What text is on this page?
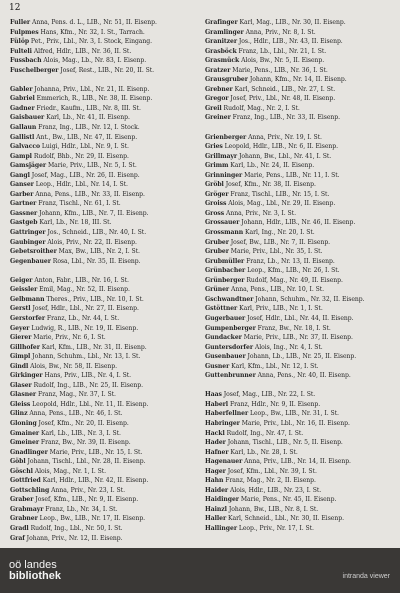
12
Fuller Anna, Pens. d. L., LIB., Nr. 51, II. Eisenp.
Fulpmes Hans, Kfm., Nr. 32, I. St., Tarrach.
Fülöp Pet., Priv., Lbl., Nr. 3, I. Stock, Eingang.
Fulteli Alfred, Hdlr., LIB., Nr. 36, II. St.
Fussbach Alois, Mag., Lb., Nr. 83, I. Eisenp.
Fuschelberger Josef, Rest., LIB., Nr. 20, II. St.

Gabler Johanna, Priv., Lbl., Nr. 21, II. Eisenp.
Gabriel Emmerich, R., LIB., Nr. 38, II. Eisenp.
Gadner Friedr., Kaufm., LIB., Nr. 8, III. St.
Gaisbauer Karl, Lb., Nr. 41, II. Eisenp.
Gallaun Franz, Ing., LIB., Nr. 12, I. Stock.
Gallistl Ant., Bw., LIB., Nr. 47, II. Eisenp.
Galvacco Luigi, Hdlr., Lbl., Nr. 9, I. St.
Gampl Rudolf, Bhb., Nr. 29, II. Eisenp.
Gamsjäger Marie, Priv., LIB., Nr. 5, I. St.
Gangl Josef, Mag., LIB., Nr. 26, II. Eisenp.
Ganser Leop., Hdlr., Lbl., Nr. 14, I. St.
Garber Anna, Pens., LIB., Nr. 33, II. Eisenp.
Gartner Franz, Tischl., Nr. 61, I. St.
Gassner Johann, Kfm., LIB., Nr. 7, II. Eisenp.
Gastgeb Karl, Lb., Nr. 18, III. St.
Gattringer Jos., Schneid., LIB., Nr. 40, I. St.
Gaubinger Alois, Priv., Nr. 22, II. Eisenp.
Gebetsroither Max, Bw., LIB., Nr. 2, I. St.
Gegenbauer Rosa, Lbl., Nr. 35, II. Eisenp.

Geiger Anton, Fabr., LIB., Nr. 16, I. St.
Geissler Emil, Mag., Nr. 52, II. Eisenp.
Gelbmann Theres., Priv., LIB., Nr. 10, I. St.
Gerstl Josef, Hdlr., Lbl., Nr. 27, II. Eisenp.
Gerstorfer Franz, Lb., Nr. 44, I. St.
Geyer Ludwig, R., LIB., Nr. 19, II. Eisenp.
Gierer Marie, Priv., Nr. 6, I. St.
Gillhofer Karl, Kfm., LIB., Nr. 31, II. Eisenp.
Gimpl Johann, Schuhm., Lbl., Nr. 13, I. St.
Gindl Alois, Bw., Nr. 58, II. Eisenp.
Girkinger Hans, Priv., LIB., Nr. 4, I. St.
Glaser Rudolf, Ing., LIB., Nr. 25, II. Eisenp.
Glasner Franz, Mag., Nr. 37, I. St.
Gleiss Leopold, Hdlr., Lbl., Nr. 11, II. Eisenp.
Glinz Anna, Pens., LIB., Nr. 46, I. St.
Gloning Josef, Kfm., Nr. 20, II. Eisenp.
Gmainer Karl, Lb., LIB., Nr. 3, I. St.
Gmeiner Franz, Bw., Nr. 39, II. Eisenp.
Gnadlinger Marie, Priv., LIB., Nr. 15, I. St.
Göbl Johann, Tischl., Lbl., Nr. 28, II. Eisenp.
Göschl Alois, Mag., Nr. 1, I. St.
Gottfried Karl, Hdlr., LIB., Nr. 42, II. Eisenp.
Gottschling Anna, Priv., Nr. 23, I. St.
Graber Josef, Kfm., LIB., Nr. 9, II. Eisenp.
Grabmayr Franz, Lb., Nr. 34, I. St.
Grabner Leop., Bw., LIB., Nr. 17, II. Eisenp.
Gradl Rudolf, Ing., Lbl., Nr. 50, I. St.
Graf Johann, Priv., Nr. 12, II. Eisenp.
Grafinger Karl, Mag., LIB., Nr. 30, II. Eisenp.
Gramlinger Anna, Priv., Nr. 8, I. St.
Granitzer Jos., Hdlr., LIB., Nr. 43, II. Eisenp.
Grasböck Franz, Lb., Lbl., Nr. 21, I. St.
Grasmück Alois, Bw., Nr. 5, II. Eisenp.
Gratzer Marie, Pens., LIB., Nr. 36, I. St.
Grausgruber Johann, Kfm., Nr. 14, II. Eisenp.
Grebner Karl, Schneid., LIB., Nr. 27, I. St.
Gregor Josef, Priv., Lbl., Nr. 48, II. Eisenp.
Greil Rudolf, Mag., Nr. 2, I. St.
Greiner Franz, Ing., LIB., Nr. 33, II. Eisenp.

Grienberger Anna, Priv., Nr. 19, I. St.
Gries Leopold, Hdlr., LIB., Nr. 6, II. Eisenp.
Grillmayr Johann, Bw., Lbl., Nr. 41, I. St.
Grimm Karl, Lb., Nr. 24, II. Eisenp.
Grinninger Marie, Pens., LIB., Nr. 11, I. St.
Gröbl Josef, Kfm., Nr. 38, II. Eisenp.
Gröger Franz, Tischl., LIB., Nr. 15, I. St.
Groiss Alois, Mag., Lbl., Nr. 29, II. Eisenp.
Gross Anna, Priv., Nr. 3, I. St.
Grossauer Johann, Hdlr., LIB., Nr. 46, II. Eisenp.
Grossmann Karl, Ing., Nr. 20, I. St.
Gruber Josef, Bw., LIB., Nr. 7, II. Eisenp.
Gruber Marie, Priv., Lbl., Nr. 35, I. St.
Grubmüller Franz, Lb., Nr. 13, II. Eisenp.
Grünbacher Leop., Kfm., LIB., Nr. 26, I. St.
Grünberger Rudolf, Mag., Nr. 49, II. Eisenp.
Grüner Anna, Pens., LIB., Nr. 10, I. St.
Gschwandtner Johann, Schuhm., Nr. 32, II. Eisenp.
Gstöttner Karl, Priv., LIB., Nr. 1, I. St.
Gugerbauer Josef, Hdlr., Lbl., Nr. 44, II. Eisenp.
Gumpenberger Franz, Bw., Nr. 18, I. St.
Gundacker Marie, Priv., LIB., Nr. 37, II. Eisenp.
Guntersdorfer Alois, Ing., Nr. 4, I. St.
Gusenbauer Johann, Lb., LIB., Nr. 25, II. Eisenp.
Gusner Karl, Kfm., Lbl., Nr. 12, I. St.
Guttenbrunner Anna, Pens., Nr. 40, II. Eisenp.

Haas Josef, Mag., LIB., Nr. 22, I. St.
Haberl Franz, Hdlr., Nr. 9, II. Eisenp.
Haberfellner Leop., Bw., LIB., Nr. 31, I. St.
Habringer Marie, Priv., Lbl., Nr. 16, II. Eisenp.
Hackl Rudolf, Ing., Nr. 47, I. St.
Hader Johann, Tischl., LIB., Nr. 5, II. Eisenp.
Hafner Karl, Lb., Nr. 28, I. St.
Hagenauer Anna, Priv., LIB., Nr. 14, II. Eisenp.
Hager Josef, Kfm., Lbl., Nr. 39, I. St.
Hahn Franz, Mag., Nr. 2, II. Eisenp.
Haider Alois, Hdlr., LIB., Nr. 23, I. St.
Haidinger Marie, Pens., Nr. 45, II. Eisenp.
Hainzl Johann, Bw., LIB., Nr. 8, I. St.
Haller Karl, Schneid., Lbl., Nr. 30, II. Eisenp.
Hallinger Leop., Priv., Nr. 17, I. St.
oö landes
bibliothek	intranda viewer
